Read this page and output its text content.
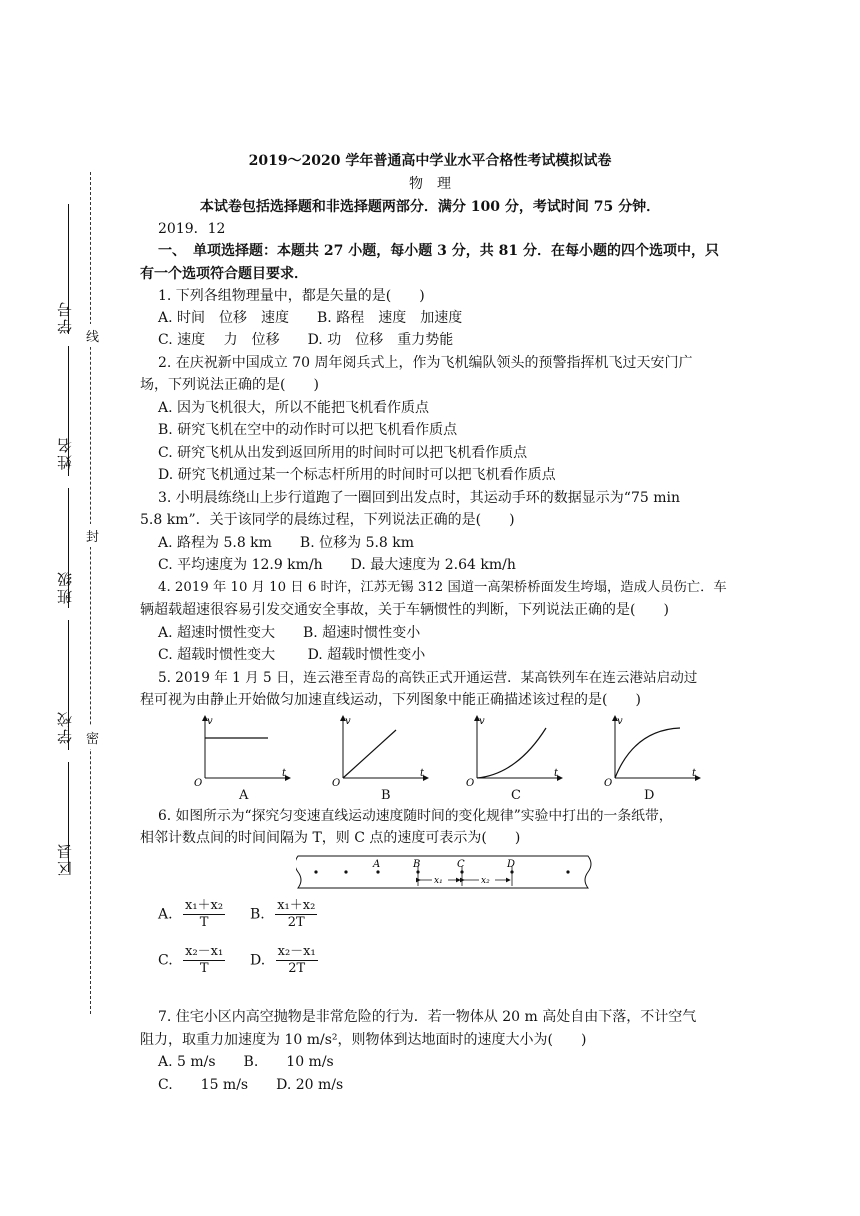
学号
姓名
班级
学校
区县
线
封
密
2019～2020 学年普通高中学业水平合格性考试模拟试卷
物　理
本试卷包括选择题和非选择题两部分．满分 100 分，考试时间 75 分钟．
2019．12
一、　单项选择题：本题共 27 小题，每小题 3 分，共 81 分．在每小题的四个选项中，只
有一个选项符合题目要求．
1. 下列各组物理量中，都是矢量的是(　　)
A. 时间　位移　速度　　B. 路程　速度　加速度
C. 速度　 力　位移　　D. 功　位移　重力势能
2. 在庆祝新中国成立 70 周年阅兵式上，作为飞机编队领头的预警指挥机飞过天安门广
场，下列说法正确的是(　　)
A. 因为飞机很大，所以不能把飞机看作质点
B. 研究飞机在空中的动作时可以把飞机看作质点
C. 研究飞机从出发到返回所用的时间时可以把飞机看作质点
D. 研究飞机通过某一个标志杆所用的时间时可以把飞机看作质点
3. 小明晨练绕山上步行道跑了一圈回到出发点时，其运动手环的数据显示为“75 min
5.8 km”．关于该同学的晨练过程，下列说法正确的是(　　)
A. 路程为 5.8 km　　B. 位移为 5.8 km
C. 平均速度为 12.9 km/h　　D. 最大速度为 2.64 km/h
4. 2019 年 10 月 10 日 6 时许，江苏无锡 312 国道一高架桥桥面发生垮塌，造成人员伤亡．车
辆超载超速很容易引发交通安全事故，关于车辆惯性的判断，下列说法正确的是(　　)
A. 超速时惯性变大　　B. 超速时惯性变小
C. 超载时惯性变大　　 D. 超载时惯性变小
5. 2019 年 1 月 5 日，连云港至青岛的高铁正式开通运营．某高铁列车在连云港站启动过
程可视为由静止开始做匀加速直线运动，下列图象中能正确描述该过程的是(　　)
v
t
O
v
t
O
v
t
O
v
t
O
A	B	C	D
6. 如图所示为“探究匀变速直线运动速度随时间的变化规律”实验中打出的一条纸带，
相邻计数点间的时间间隔为 T，则 C 点的速度可表示为(　　)
A	B	C	D
x₁	x₂
A. $\frac{\text{x₁＋x₂}}{T} B$. $\frac{\text{x₁＋x₂}}{2T}$
C. $\frac{\text{x₂－x₁}}{T} D$. $\frac{\text{x₂－x₁}}{2T}$
7. 住宅小区内高空抛物是非常危险的行为．若一物体从 20 m 高处自由下落，不计空气
阻力，取重力加速度为 10 m/s²，则物体到达地面时的速度大小为(　　)
A. 5 m/s　　B.　　10 m/s
C.　　15 m/s　　D. 20 m/s
